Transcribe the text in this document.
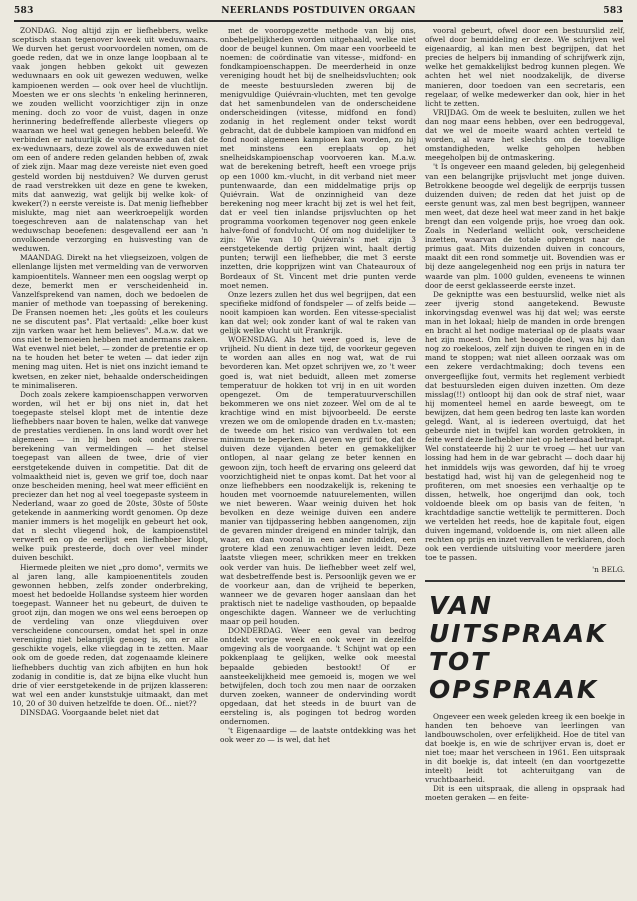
583	NEERLANDS POSTDUIVEN ORGAAN	583

ZONDAG. Nog altijd zijn er liefhebbers, welke sceptisch staan tegenover kweek uit weduwnaars. We durven het gerust voorvoordelen nomen, om de goede reden, dat we in onze lange loopbaan al te vaak jongen hebben gekokt uit gewezen weduwnaars en ook uit gewezen weduwen, welke kampioenen werden — ook over heel de vluchtlijn. Moesten we er ons slechts 'n enkeling herinneren, we zouden wellicht voorzichtiger zijn in onze mening. doch zo voor de vuist, dagen in onze herinnering bedefreffende allerbeste vliegers op waaraan we heel wat genegen hebben beleefd. We verbinden er natuurlijk de voorwaarde aan dat de ex-weduwnaars, deze zowel als de exweduwen niet om een of andere reden gelanden hebben of, zwak of ziek zijn. Maar mag deze vereiste niet even goed gesteld worden bij nestduiven? We durven gerust de raad verstrekken uit deze en gene te kweken, mits dat aanwezig, wat gelijk bij welke kok- of kweker(?) n eerste vereiste is. Dat menig liefhebber mislukte, mag niet aan weerkroepelijk worden toegeschreven aan de nalatenschap van het weduwschap beoefenen: desgevallend eer aan 'n onvolkoende verzorging en huisvesting van de weduwen.

MAANDAG. Direkt na het vliegseizoen, volgen de ellenlange lijsten met vermelding van de verworven kampioentitels. Wanneer men een oogslag werpt op deze, bemerkt men er verscheidenheid in. Vanzelfsprekend van namen, doch we bedoelen de manier of methode van toepassing of berekening. De Fransen noemen het: „les goûts et les couleurs ne se discutent pas". Plat vertaald: „elke boer kust zijn varken waar het hem believes". M.a.w. dat we ons niet te bemoeien hebben met andermans zaken. Wat evenwel niet belet, — zonder de pretentie er op na te houden het beter te weten — dat ieder zijn mening mag uiten. Het is niet ons inzicht iemand te kwetsen, en zeker niet, behaalde onderscheidingen te minimaliseren.

Doch zoals zekere kampioenschappen verworven worden, wil het er bij ons niet in, dat het toegepaste stelsel klopt met de intentie deze liefhebbers naar boven te halen, welke dat vanwege de prestaties verdienen. In ons land wordt over het algemeen — in bij ben ook onder diverse berekening van vermeldingen — het stelsel toegepast van alleen de twee, drie of vier eerstgetekende duiven in competitie. Dat dit de volmaaktheid niet is, geven we grif toe, doch naar onze bescheiden mening, heel wat meer efficiënt en preciezer dan het nog al veel toegepaste systeem in Nederland, waar zo goed de 20ste, 30ste of 50ste getekende in aanmerking wordt genomen. Op deze manier immers is het mogelijk en gebeurt het ook, dat n slecht vliegend hok, de kampioenstitel verwerft en op de eerlijst een liefhebber klopt, welke puik presteerde, doch over veel minder duiven beschikt.

Hiermede pleiten we niet „pro domo", vermits we al jaren lang, alle kampioenentitels zouden gewonnen hebben, zelfs zonder onderbreking, moest het bedoelde Hollandse systeem hier worden toegepast. Wanneer het nu gebeurt, de duiven te groot zijn, dan mogen we ons wel eens beroepen op de verdeling van onze vliegduiven over verscheidene concoursen, omdat het spel in onze vereniging niet belangrijk genoeg is, om er alle geschikte vogels, elke vliegdag in te zetten. Maar ook om de goede reden, dat zogenaamde kleinere liefhebbers duchtig van zich afbijten en hun hok zodanig in conditie is, dat ze bijna elke vlucht hun drie of vier eerstgetekende in de prijzen klasseren: wat wel een ander kunststukje uitmaakt, dan met 10, 20 of 30 duiven hetzelfde te doen. Of... niet??

DINSDAG. Voorgaande belet niet dat

met de vooropgezette methode van bij ons, onbehelpelijkheden worden uitgehaald, welke niet door de beugel kunnen. Om maar een voorbeeld te noemen: de coördinatie van vitesse-, midfond- en fondkampioenschappen. De meerderheid in onze vereniging houdt het bij de snelheidsvluchten; ook de meeste bestuursleden zweren bij de menigvuldige Quiévrain-vluchten, met ten gevolge dat het samenbundelen van de onderscheidene onderscheidingen (vitesse, midfond en fond) zodanig in het reglement onder tekst wordt gebracht, dat de dubbele kampioen van midfond en fond nooit algemeen kampioen kan worden, zo hij met minstens een ereplaats op het snelheidskampioenschap voorvoeren kan. M.a.w. wat de berekening betreft, heeft een vroege prijs op een 1000 km.-vlucht, in dit verband niet meer puntenwaarde, dan een middelmatige prijs op Quiévrain. Wat de onzinnigheid van deze berekening nog meer kracht bij zet is wel het feit, dat er veel tien inlandse prijsvluchten op het programma voorkomen tegenover nog geen enkele halve-fond of fondvlucht. Of om nog duidelijker te zijn: Wie van 10 Quiévrain's met zijn 3 eerstgetekende dertig prijzen wint, haalt dertig punten; terwijl een liefhebber, die met 3 eerste inzetten, drie kopprijzen wint van Chateauroux of Bordeaux of St. Vincent met drie punten verde moet nemen.

Onze lezers zullen het dus wel begrijpen, dat een specifieke midfond of fondspeler — of zelfs beide — nooit kampioen kan worden. Een vitesse-specialist kan dat wel; ook zonder kant of wal te raken van gelijk welke vlucht uit Frankrijk.

WOENSDAG. Als het weer goed is, leve de vrijheid. Nu dient in deze tijd, de voorkeur gegeven te worden aan alles en nog wat, wat de rui bevorderen kan. Met opzet schrijven we, zo 't weer goed is, wat niet beduidt, alleen met zomerse temperatuur de hokken tot vrij in en uit worden opengezet. Om de temperatuurverschillen bekommeren we ons niet zozeer. Wel om de al te krachtige wind en mist bijvoorbeeld. De eerste vrezen we om de omlopende draden en t.v.-masten; de tweede om het risico van verdwalen tot een minimum te beperken. Al geven we grif toe, dat de duiven deze vijanden beter en gemakkelijker ontlopen, al naar gelang ze beter kennen en gewoon zijn, toch heeft de ervaring ons geleerd dat voorzichtigheid niet te onpas komt. Dat het voor al onze liefhebbers een noodzakelijk is, rekening te houden met voornoemde natuurelementen, willen we niet beweren. Waar weinig duiven het hok bevolken en deze weinige duiven een andere manier van tijdpassering hebben aangenomen, zijn de gevaren minder dreigend en minder talrijk, dan waar, en dan vooral in een ander midden, een grotere klad een zenuwachtiger leven leidt. Deze laatste vliegen meer, schrikken meer en trekken ook verder van huis. De liefhebber weet zelf wel, wat desbetreffende best is. Persoonlijk geven we er de voorkeur aan, dan de vrijheid te beperken, wanneer we de gevaren hoger aanslaan dan het praktisch niet te nadelige vasthouden, op bepaalde ongeschikte dagen. Wanneer we de verluchting maar op peil houden.

DONDERDAG. Weer een geval van bedrog ontdekt vorige week en ook weer in dezelfde omgeving als de voorgaande. 't Schijnt wat op een pokkenplaag te gelijken, welke ook meestal bepaalde gebieden bestookt! Of er aansteekelijkheid mee gemoeid is, mogen we wel betwijfelen, doch toch zou men naar de oorzaken durven zoeken, wanneer de ondervinding wordt opgedaan, dat het steeds in de buurt van de eersteling is, als pogingen tot bedrog worden ondernomen.

't Eigenaardige — de laatste ontdekking was het ook weer zo — is wel, dat het

vooral gebeurt, ofwel door een bestuurslid zelf, ofwel door bemiddeling er deze. We schrijven wel eigenaardig, al kan men best begrijpen, dat het precies de helpers bij inmanding of schrijfwerk zijn, welke het gemakkelijkst bedrog kunnen plegen. We achten het wel niet noodzakelijk, de diverse manieren, door toedoen van een secretaris, een regelaar, of welke medewerker dan ook, hier in het licht te zetten.

VRIJDAG. Om de week te besluiten, zullen we het dan nog maar eens hebben, over een bedroggeval, dat we wel de moeite waard achten verteld te worden, al ware het slechts om de toevallige omstandigheden, welke geholpen hebben meegeholpen bij de ontmaskering.

't Is ongeveer een maand geleden, bij gelegenheid van een belangrijke prijsvlucht met jonge duiven. Betrokkene beoogde wel degelijk de eerprijs tussen duizenden duiven; de reden dat het juist op de eerste genunt was, zal men best begrijpen, wanneer men weet, dat deze heel wat meer zand in het bakje brengt dan een volgende prijs, hoe vroeg dan ook. Zoals in Nederland wellicht ook, verscheidene inzetten, waarvan de totale opbrengst naar de primus gaat. Mits duizenden duiven in concours, maakt dit een rond sommetje uit. Bovendien was er bij deze aangelegenheid nog een prijs in natura ter waarde van plm. 1000 gulden, eveneens te winnen door de eerst geklasseerde eerste inzet.

De gekniptte was een bestuurslid, welke niet als zeer ijverig stond aangetekend. Bewuste inkorvingsdag evenwel was hij dat wel; was eerste man in het lokaal; hielp de manden in orde brengen en bracht al het nodige materiaal op de plaats waar het zijn moest. Om het beoogde doel, was hij dan nog zo roekeloos, zelf zijn duiven te ringen en in de mand te stoppen; wat niet alleen oorzaak was om een zekere verdachtmaking; doch tevens een onvergeeflijke fout, vermits het reglement verbiedt dat bestuursleden eigen duiven inzetten. Om deze misslag(!!) ontloopt hij dan ook de straf niet, waar hij momenteel hemel en aarde beweegt, om te bewijzen, dat hem geen bedrog ten laste kan worden gelegd. Want, al is iedereen overtuigd, dat het gebeurde niet in twijfel kan worden getrokken, in feite werd deze liefhebber niet op heterdaad betrapt. Wel constateerde hij 2 uur te vroeg — het uur van lossing had hem in de war gebracht — doch daar hij het inmiddels wijs was geworden, daf hij te vroeg bestatigd had, wist hij van de gelegenheid nog te profiteren, om met snoesies een verhaaltje op te dissen, hetwelk, hoe ongerijmd dan ook, toch voldoende bleek om op basis van de feiten, 'n krachtdadige sanctie wettelijk te permitteren. Doch we vertelden het reeds, hoe de kapitale fout, eigen duiven ingemand, voldoende is, om niet alleen alle rechten op prijs en inzet vervallen te verklaren, doch ook een verdiende uitsluiting voor meerdere jaren toe te passen.

'n BELG.

VAN UITSPRAAK
TOT OPSPRAAK

Ongeveer een week geleden kreeg ik een boekje in handen ten behoeve van leerlingen van landbouwscholen, over erfelijkheid. Hoe de titel van dat boekje is, en wie de schrijver ervan is, doet er niet toe; maar het verscheen in 1961. Een uitspraak in dit boekje is, dat inteelt (en dan voortgezette inteelt) leidt tot achteruitgang van de vruchtbaarheid.

Dit is een uitspraak, die alleng in opspraak had moeten geraken — en feite-
